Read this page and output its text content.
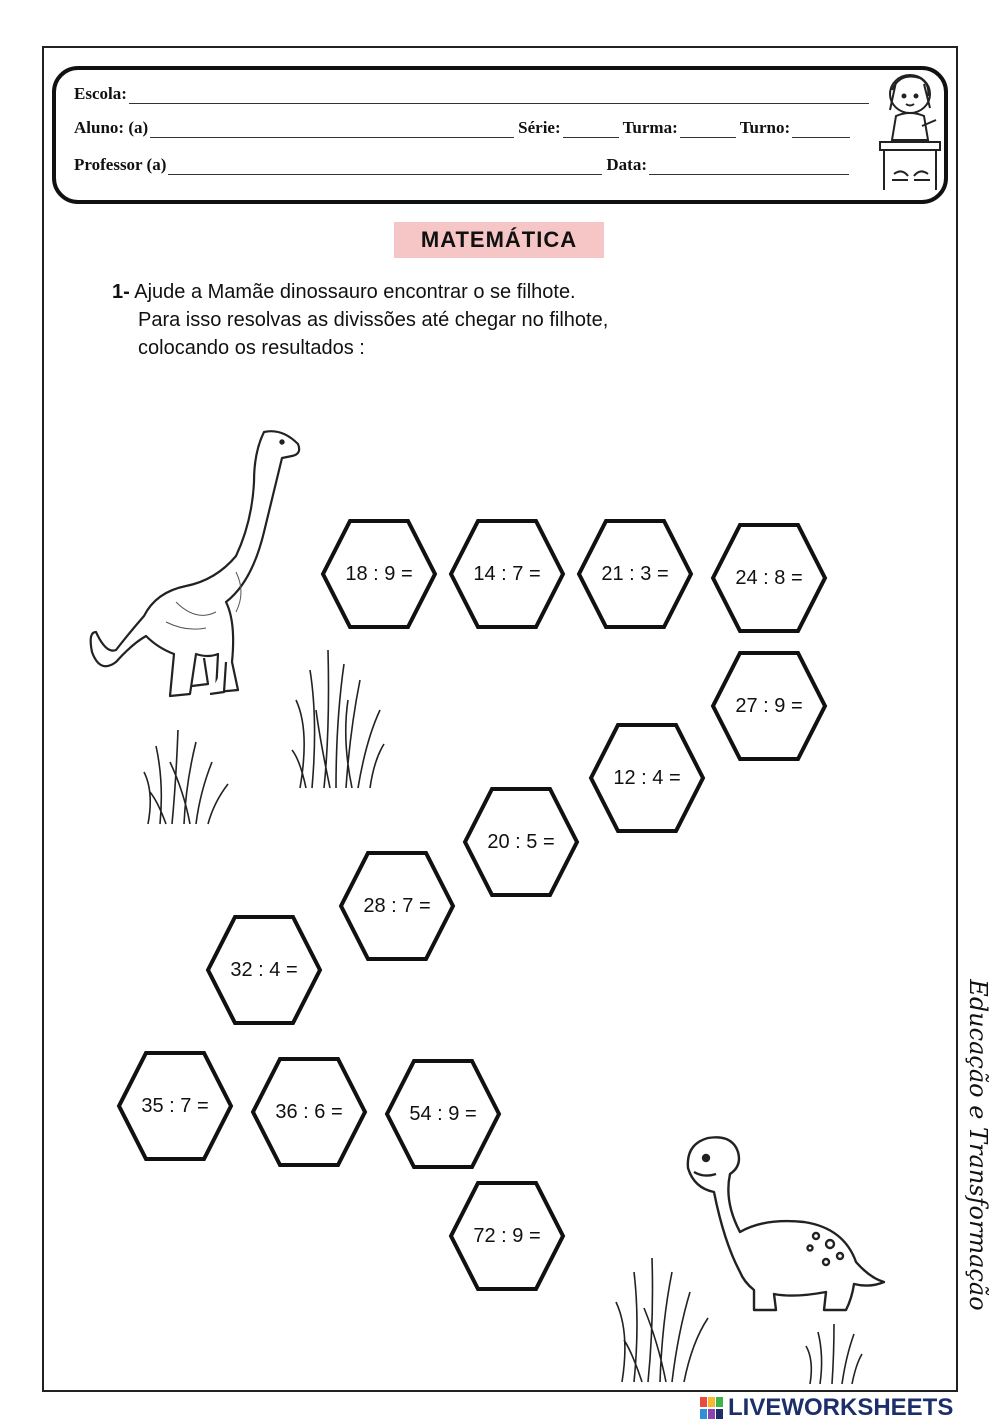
Escola:
Aluno: (a)	Série:	Turma:	Turno:
Professor (a)	Data:
MATEMÁTICA
1- Ajude a Mamãe dinossauro encontrar o se filhote.
Para isso resolvas as divissões até chegar no filhote,
colocando os resultados :
18 : 9 =	14 : 7 =	21 : 3 =	24 : 8 =
27 : 9 =
12 : 4 =
20 : 5 =
28 : 7 =
32 : 4 =
35 : 7 =	36 : 6 =	54 : 9 =
72 : 9 =	Educação e Transformação
LIVEWORKSHEETS
